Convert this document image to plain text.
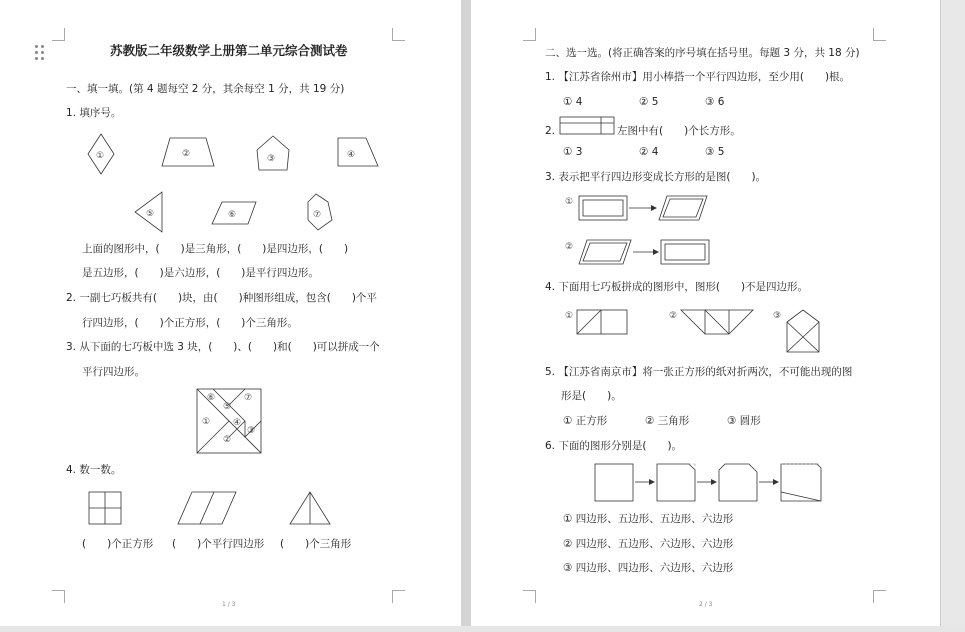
苏教版二年级数学上册第二单元综合测试卷
一、填一填。(第 4 题每空 2 分，其余每空 1 分，共 19 分)
1. 填序号。
①	②	③	④
⑤	⑥	⑦
上面的图形中，(　　)是三角形，(　　)是四边形，(　　)
是五边形，(　　)是六边形，(　　)是平行四边形。
2. 一副七巧板共有(　　)块，由(　　)种图形组成，包含(　　)个平
行四边形，(　　)个正方形，(　　)个三角形。
3. 从下面的七巧板中选 3 块，(　　)、(　　)和(　　)可以拼成一个
平行四边形。
⑥	⑦
⑤
①	④
③
②
4. 数一数。
(　　)个正方形 (　　)个平行四边形 (　　)个三角形
1 / 3
二、选一选。(将正确答案的序号填在括号里。每题 3 分，共 18 分)
1. 【江苏省徐州市】用小棒搭一个平行四边形，至少用(　　)根。
① 4	② 5	③ 6
2.	左图中有(　　)个长方形。
① 3	② 4	③ 5
3. 表示把平行四边形变成长方形的是图(　　)。
①
②
4. 下面用七巧板拼成的图形中，图形(　　)不是四边形。
①	②	③
5. 【江苏省南京市】将一张正方形的纸对折两次，不可能出现的图
形是(　　)。
① 正方形	② 三角形	③ 圆形
6. 下面的图形分别是(　　)。
① 四边形、五边形、五边形、六边形
② 四边形、五边形、六边形、六边形
③ 四边形、四边形、六边形、六边形
2 / 3
